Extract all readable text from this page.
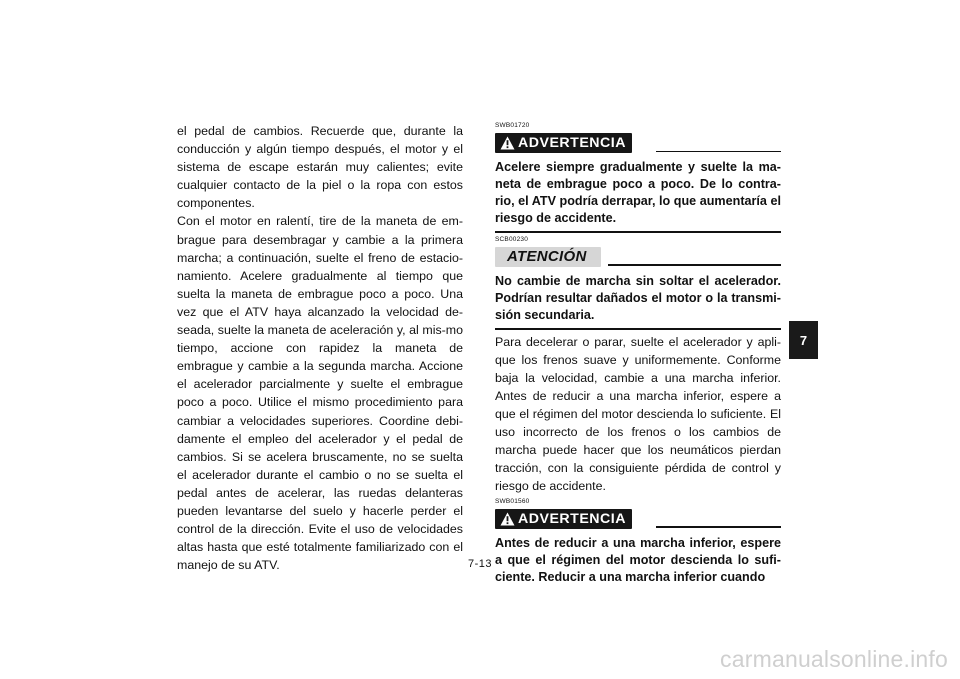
el pedal de cambios. Recuerde que, durante la conducción y algún tiempo después, el motor y el sistema de escape estarán muy calientes; evite cualquier contacto de la piel o la ropa con estos componentes.

Con el motor en ralentí, tire de la maneta de em-brague para desembragar y cambie a la primera marcha; a continuación, suelte el freno de estacio-namiento. Acelere gradualmente al tiempo que suelta la maneta de embrague poco a poco. Una vez que el ATV haya alcanzado la velocidad de-seada, suelte la maneta de aceleración y, al mis-mo tiempo, accione con rapidez la maneta de embrague y cambie a la segunda marcha. Accione el acelerador parcialmente y suelte el embrague poco a poco. Utilice el mismo procedimiento para cambiar a velocidades superiores. Coordine debi-damente el empleo del acelerador y el pedal de cambios. Si se acelera bruscamente, no se suelta el acelerador durante el cambio o no se suelta el pedal antes de acelerar, las ruedas delanteras pueden levantarse del suelo y hacerle perder el control de la dirección. Evite el uso de velocidades altas hasta que esté totalmente familiarizado con el manejo de su ATV.

SWB01720

ADVERTENCIA

Acelere siempre gradualmente y suelte la ma-neta de embrague poco a poco. De lo contra-rio, el ATV podría derrapar, lo que aumentaría el riesgo de accidente.

SCB00230

ATENCIÓN

No cambie de marcha sin soltar el acelerador. Podrían resultar dañados el motor o la transmi-sión secundaria.

Para decelerar o parar, suelte el acelerador y apli-que los frenos suave y uniformemente. Conforme baja la velocidad, cambie a una marcha inferior. Antes de reducir a una marcha inferior, espere a que el régimen del motor descienda lo suficiente. El uso incorrecto de los frenos o los cambios de marcha puede hacer que los neumáticos pierdan tracción, con la consiguiente pérdida de control y riesgo de accidente.

SWB01560

ADVERTENCIA

Antes de reducir a una marcha inferior, espere a que el régimen del motor descienda lo sufi-ciente. Reducir a una marcha inferior cuando

7-13
7
carmanualsonline.info
